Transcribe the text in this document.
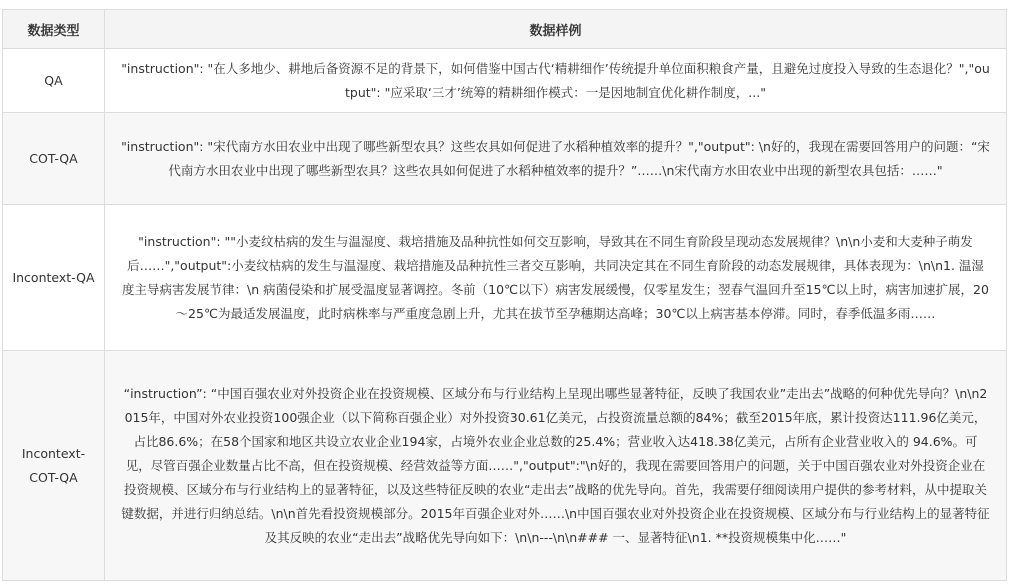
数据类型	数据样例
QA	"instruction": "在人多地少、耕地后备资源不足的背景下，如何借鉴中国古代‘精耕细作’传统提升单位面积粮食产量，且避免过度投入导致的生态退化？","output": "应采取‘三才’统筹的精耕细作模式：一是因地制宜优化耕作制度，..."
COT-QA	"instruction": "宋代南方水田农业中出现了哪些新型农具？这些农具如何促进了水稻种植效率的提升？","output": \n好的，我现在需要回答用户的问题：“宋代南方水田农业中出现了哪些新型农具？这些农具如何促进了水稻种植效率的提升？”……\n宋代南方水田农业中出现的新型农具包括：……"
Incontext-QA	"instruction": ""小麦纹枯病的发生与温湿度、栽培措施及品种抗性如何交互影响，导致其在不同生育阶段呈现动态发展规律？\n\n小麦和大麦种子萌发后……","output":小麦纹枯病的发生与温湿度、栽培措施及品种抗性三者交互影响，共同决定其在不同生育阶段的动态发展规律，具体表现为：\n\n1. 温湿度主导病害发展节律：\n 病菌侵染和扩展受温度显著调控。冬前（10℃以下）病害发展缓慢，仅零星发生；翌春气温回升至15℃以上时，病害加速扩展，20～25℃为最适发展温度，此时病株率与严重度急剧上升，尤其在拔节至孕穗期达高峰；30℃以上病害基本停滞。同时，春季低温多雨……
Incontext-COT-QA	“instruction”: “中国百强农业对外投资企业在投资规模、区域分布与行业结构上呈现出哪些显著特征，反映了我国农业”走出去”战略的何种优先导向？\n\n2015年，中国对外农业投资100强企业（以下简称百强企业）对外投资30.61亿美元，占投资流量总额的84%；截至2015年底，累计投资达111.96亿美元，占比86.6%；在58个国家和地区共设立农业企业194家，占境外农业企业总数的25.4%；营业收入达418.38亿美元，占所有企业营业收入的 94.6%。可见，尽管百强企业数量占比不高，但在投资规模、经营效益等方面……","output":"\n好的，我现在需要回答用户的问题，关于中国百强农业对外投资企业在投资规模、区域分布与行业结构上的显著特征，以及这些特征反映的农业“走出去”战略的优先导向。首先，我需要仔细阅读用户提供的参考材料，从中提取关键数据，并进行归纳总结。\n\n首先看投资规模部分。2015年百强企业对外……\n中国百强农业对外投资企业在投资规模、区域分布与行业结构上的显著特征及其反映的农业“走出去”战略优先导向如下：\n\n---\n\n### 一、显著特征\n1. **投资规模集中化……"
